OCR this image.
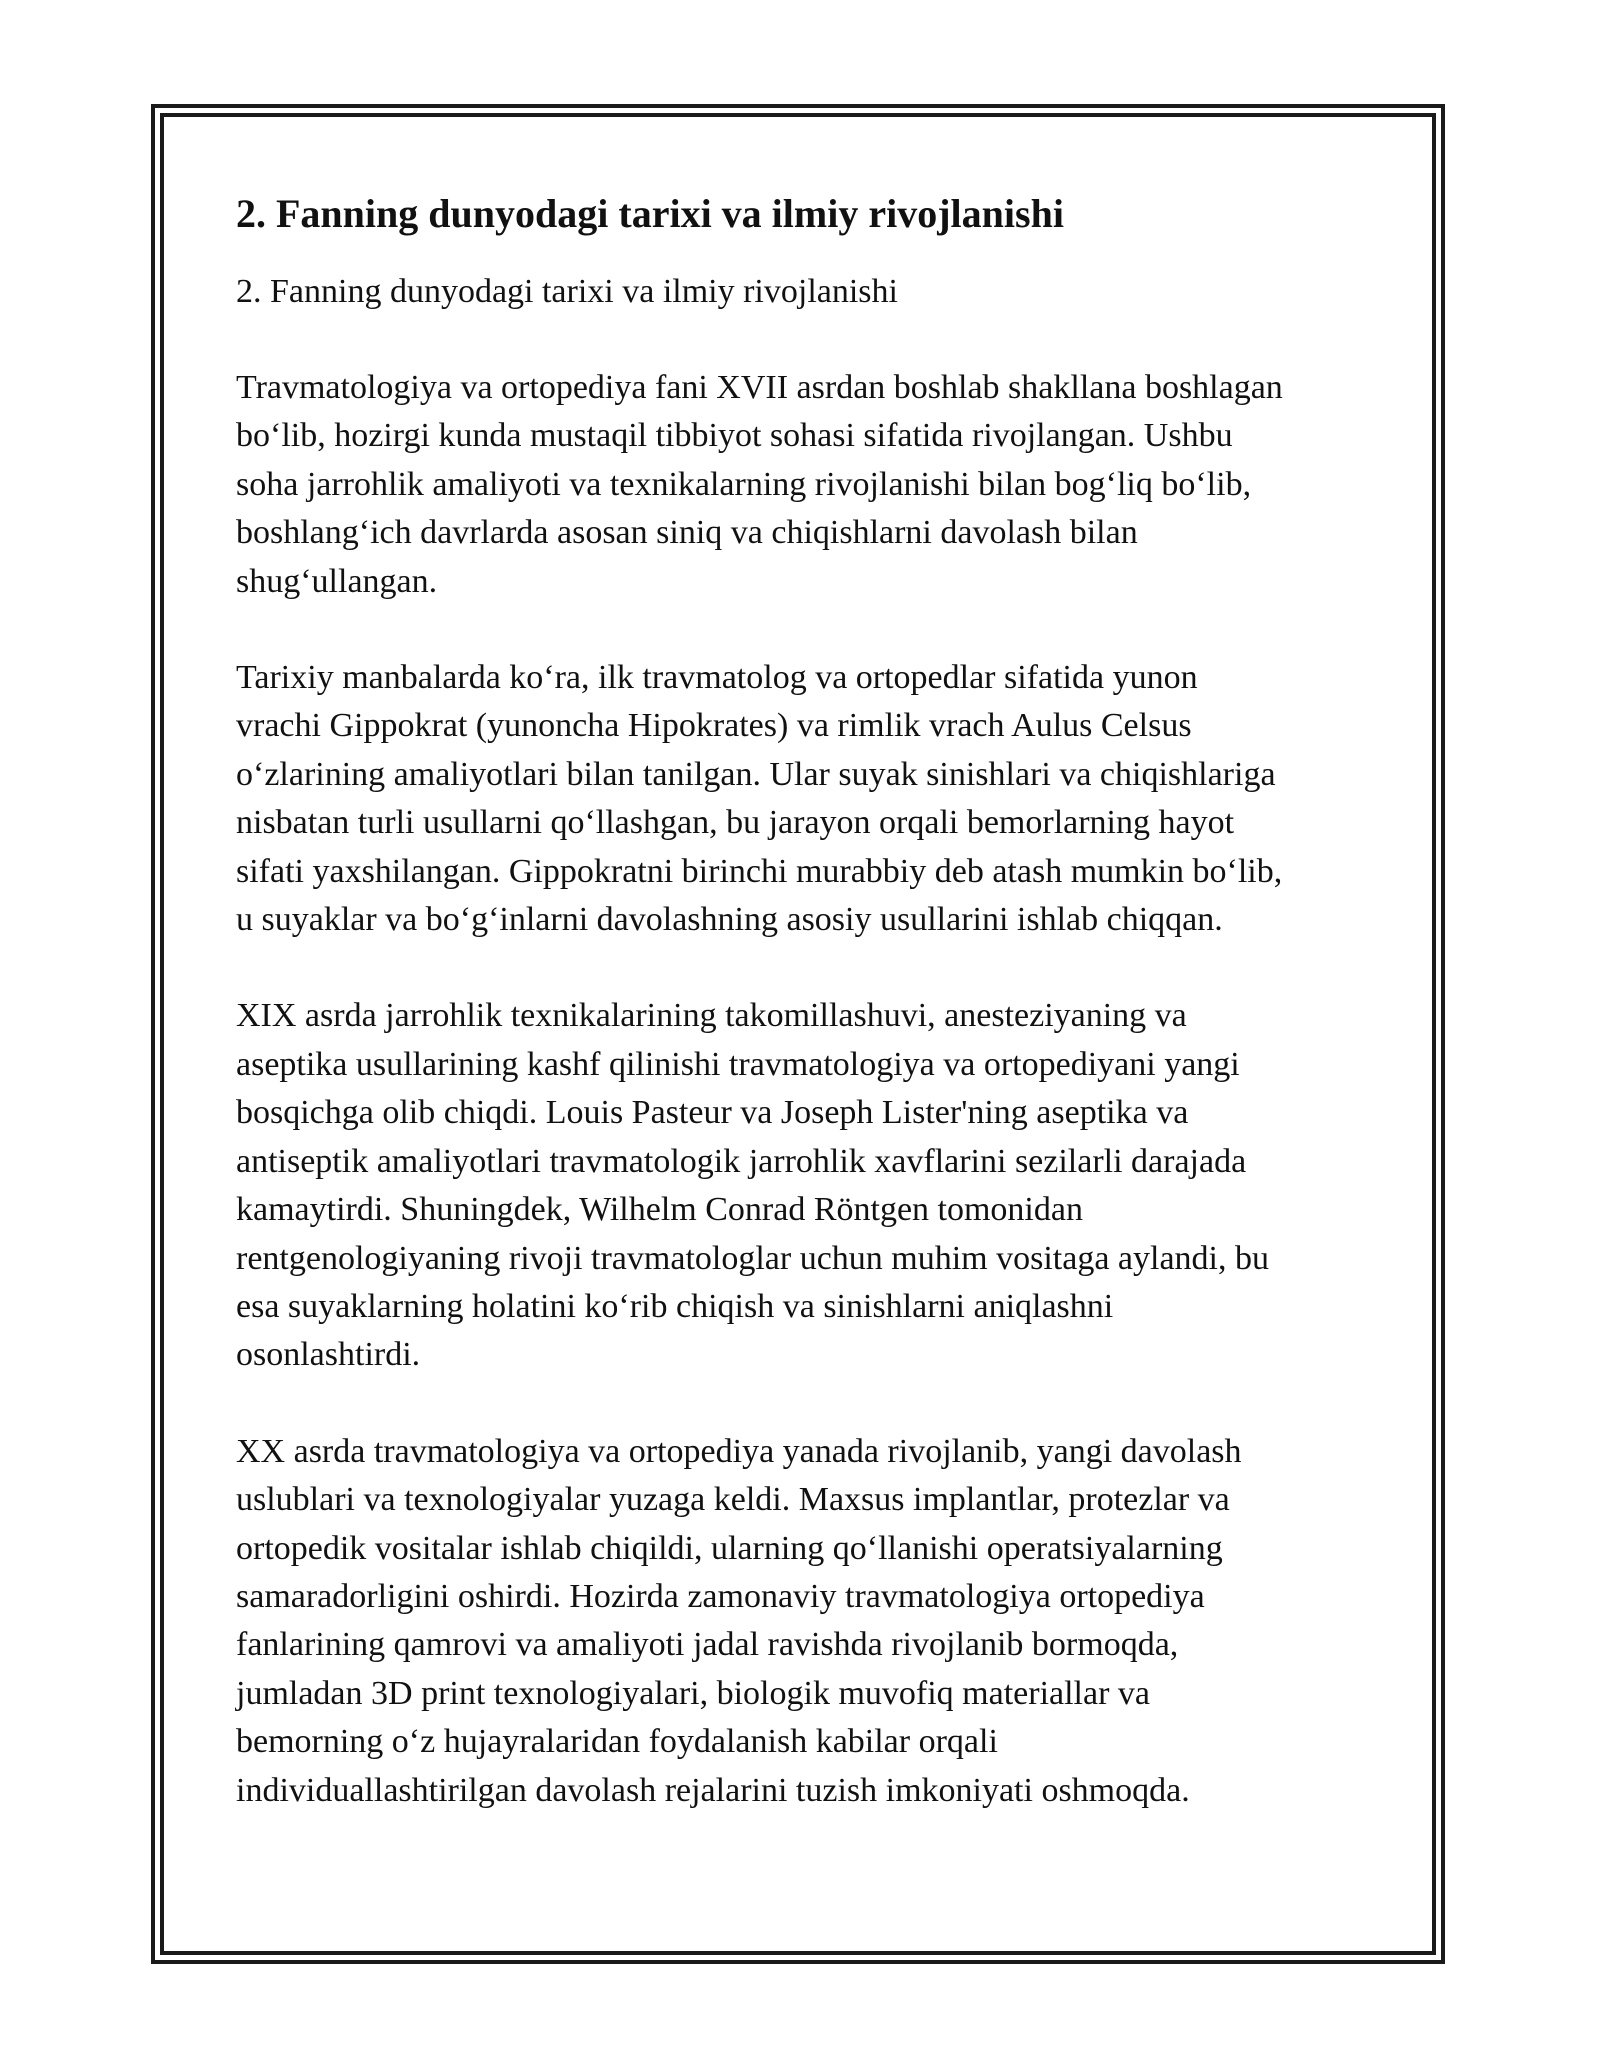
2. Fanning dunyodagi tarixi va ilmiy rivojlanishi
2. Fanning dunyodagi tarixi va ilmiy rivojlanishi
Travmatologiya va ortopediya fani XVII asrdan boshlab shakllana boshlagan
bo‘lib, hozirgi kunda mustaqil tibbiyot sohasi sifatida rivojlangan. Ushbu
soha jarrohlik amaliyoti va texnikalarning rivojlanishi bilan bog‘liq bo‘lib,
boshlang‘ich davrlarda asosan siniq va chiqishlarni davolash bilan
shug‘ullangan.
Tarixiy manbalarda ko‘ra, ilk travmatolog va ortopedlar sifatida yunon
vrachi Gippokrat (yunoncha Hipokrates) va rimlik vrach Aulus Celsus
o‘zlarining amaliyotlari bilan tanilgan. Ular suyak sinishlari va chiqishlariga
nisbatan turli usullarni qo‘llashgan, bu jarayon orqali bemorlarning hayot
sifati yaxshilangan. Gippokratni birinchi murabbiy deb atash mumkin bo‘lib,
u suyaklar va bo‘g‘inlarni davolashning asosiy usullarini ishlab chiqqan.
XIX asrda jarrohlik texnikalarining takomillashuvi, anesteziyaning va
aseptika usullarining kashf qilinishi travmatologiya va ortopediyani yangi
bosqichga olib chiqdi. Louis Pasteur va Joseph Lister'ning aseptika va
antiseptik amaliyotlari travmatologik jarrohlik xavflarini sezilarli darajada
kamaytirdi. Shuningdek, Wilhelm Conrad Röntgen tomonidan
rentgenologiyaning rivoji travmatologlar uchun muhim vositaga aylandi, bu
esa suyaklarning holatini ko‘rib chiqish va sinishlarni aniqlashni
osonlashtirdi.
XX asrda travmatologiya va ortopediya yanada rivojlanib, yangi davolash
uslublari va texnologiyalar yuzaga keldi. Maxsus implantlar, protezlar va
ortopedik vositalar ishlab chiqildi, ularning qo‘llanishi operatsiyalarning
samaradorligini oshirdi. Hozirda zamonaviy travmatologiya ortopediya
fanlarining qamrovi va amaliyoti jadal ravishda rivojlanib bormoqda,
jumladan 3D print texnologiyalari, biologik muvofiq materiallar va
bemorning o‘z hujayralaridan foydalanish kabilar orqali
individuallashtirilgan davolash rejalarini tuzish imkoniyati oshmoqda.
